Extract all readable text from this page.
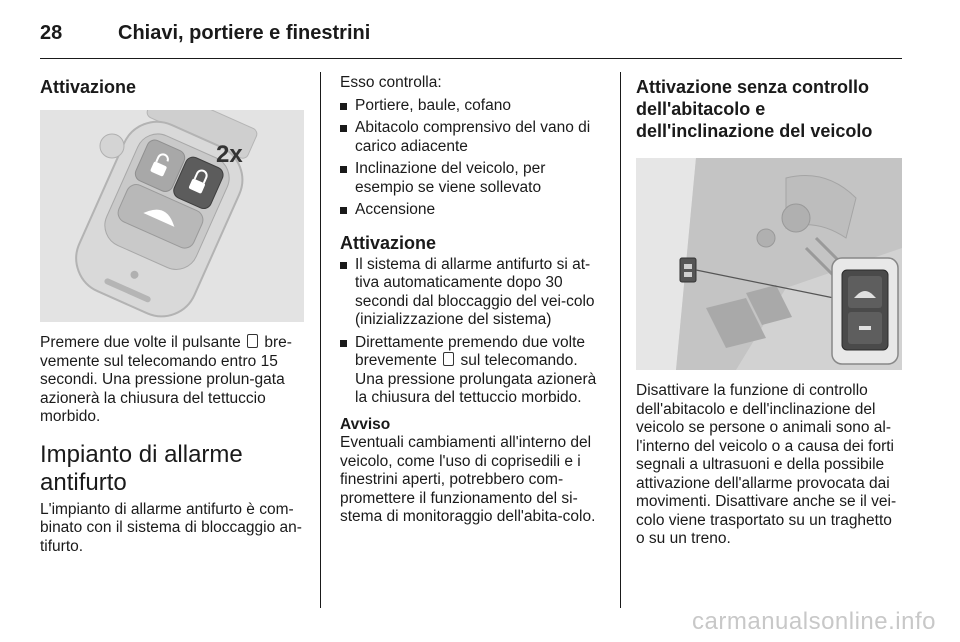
28	Chiavi, portiere e finestrini
Attivazione
2x

Premere due volte il pulsante  bre-vemente sul telecomando entro 15 secondi. Una pressione prolun-gata azionerà la chiusura del tettuccio morbido.

Impianto di allarme antifurto

L'impianto di allarme antifurto è com-binato con il sistema di bloccaggio an-tifurto.

Esso controlla:

Portiere, baule, cofano
Abitacolo comprensivo del vano di carico adiacente
Inclinazione del veicolo, per esempio se viene sollevato
Accensione
Attivazione
Il sistema di allarme antifurto si at-tiva automaticamente dopo 30 secondi dal bloccaggio del vei-colo (inizializzazione del sistema)
Direttamente premendo due volte brevemente  sul telecomando. Una pressione prolungata azionerà la chiusura del tettuccio morbido.
Avviso
Eventuali cambiamenti all'interno del veicolo, come l'uso di coprisedili e i finestrini aperti, potrebbero com-promettere il funzionamento del si-stema di monitoraggio dell'abita-colo.
Attivazione senza controllo dell'abitacolo e dell'inclinazione del veicolo

Disattivare la funzione di controllo dell'abitacolo e dell'inclinazione del veicolo se persone o animali sono al-l'interno del veicolo o a causa dei forti segnali a ultrasuoni e della possibile attivazione dell'allarme provocata dai movimenti. Disattivare anche se il vei-colo viene trasportato su un traghetto o su un treno.

carmanualsonline.info
